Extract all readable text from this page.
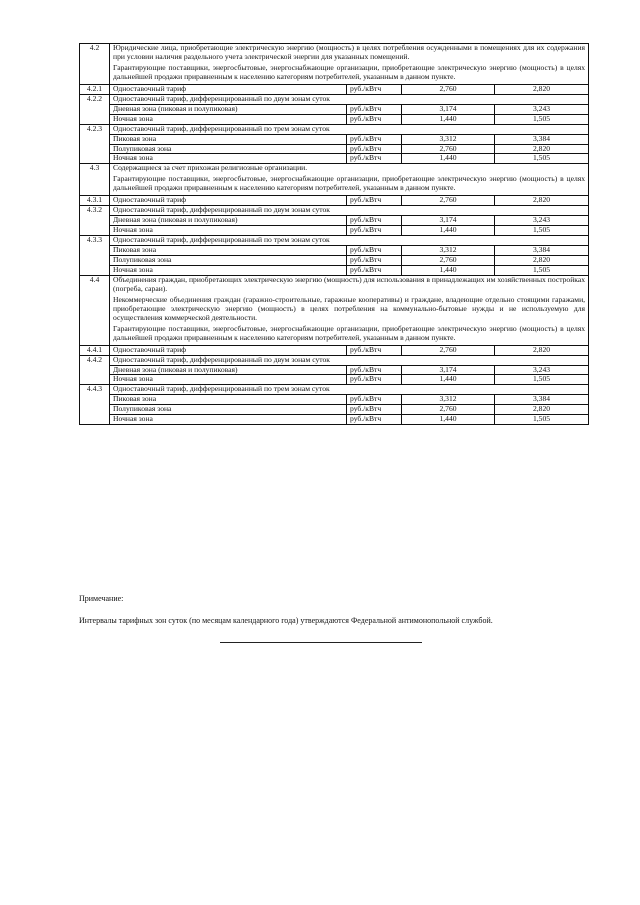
4.2	Юридические лица, приобретающие электрическую энергию (мощность) в целях потребления осужденными в помещениях для их содержания при условии наличия раздельного учета электрической энергии для указанных помещений.

Гарантирующие поставщики, энергосбытовые, энергоснабжающие организации, приобретающие электрическую энергию (мощность) в целях дальнейшей продажи приравненным к населению категориям потребителей, указанным в данном пункте.			

4.2.1	Одноставочный тариф	руб./кВтч	2,760	2,820
4.2.2	Одноставочный тариф, дифференцированный по двум зонам суток			
	Дневная зона (пиковая и полупиковая)	руб./кВтч	3,174	3,243
	Ночная зона	руб./кВтч	1,440	1,505
4.2.3	Одноставочный тариф, дифференцированный по трем зонам суток			
	Пиковая зона	руб./кВтч	3,312	3,384
	Полупиковая зона	руб./кВтч	2,760	2,820
	Ночная зона	руб./кВтч	1,440	1,505
4.3	Содержащиеся за счет прихожан религиозные организации.

Гарантирующие поставщики, энергосбытовые, энергоснабжающие организации, приобретающие электрическую энергию (мощность) в целях дальнейшей продажи приравненным к населению категориям потребителей, указанным в данном пункте.			

4.3.1	Одноставочный тариф	руб./кВтч	2,760	2,820
4.3.2	Одноставочный тариф, дифференцированный по двум зонам суток			
	Дневная зона (пиковая и полупиковая)	руб./кВтч	3,174	3,243
	Ночная зона	руб./кВтч	1,440	1,505
4.3.3	Одноставочный тариф, дифференцированный по трем зонам суток			
	Пиковая зона	руб./кВтч	3,312	3,384
	Полупиковая зона	руб./кВтч	2,760	2,820
	Ночная зона	руб./кВтч	1,440	1,505
4.4	Объединения граждан, приобретающих электрическую энергию (мощность) для использования в принадлежащих им хозяйственных постройках (погреба, сараи).

Некоммерческие объединения граждан (гаражно-строительные, гаражные кооперативы) и граждане, владеющие отдельно стоящими гаражами, приобретающие электрическую энергию (мощность) в целях потребления на коммунально-бытовые нужды и не используемую для осуществления коммерческой деятельности.

Гарантирующие поставщики, энергосбытовые, энергоснабжающие организации, приобретающие электрическую энергию (мощность) в целях дальнейшей продажи приравненным к населению категориям потребителей, указанным в данном пункте.			

4.4.1	Одноставочный тариф	руб./кВтч	2,760	2,820
4.4.2	Одноставочный тариф, дифференцированный по двум зонам суток			
	Дневная зона (пиковая и полупиковая)	руб./кВтч	3,174	3,243
	Ночная зона	руб./кВтч	1,440	1,505
4.4.3	Одноставочный тариф, дифференцированный по трем зонам суток			
	Пиковая зона	руб./кВтч	3,312	3,384
	Полупиковая зона	руб./кВтч	2,760	2,820
	Ночная зона	руб./кВтч	1,440	1,505
Примечание:
Интервалы тарифных зон суток (по месяцам календарного года) утверждаются Федеральной антимонопольной службой.
